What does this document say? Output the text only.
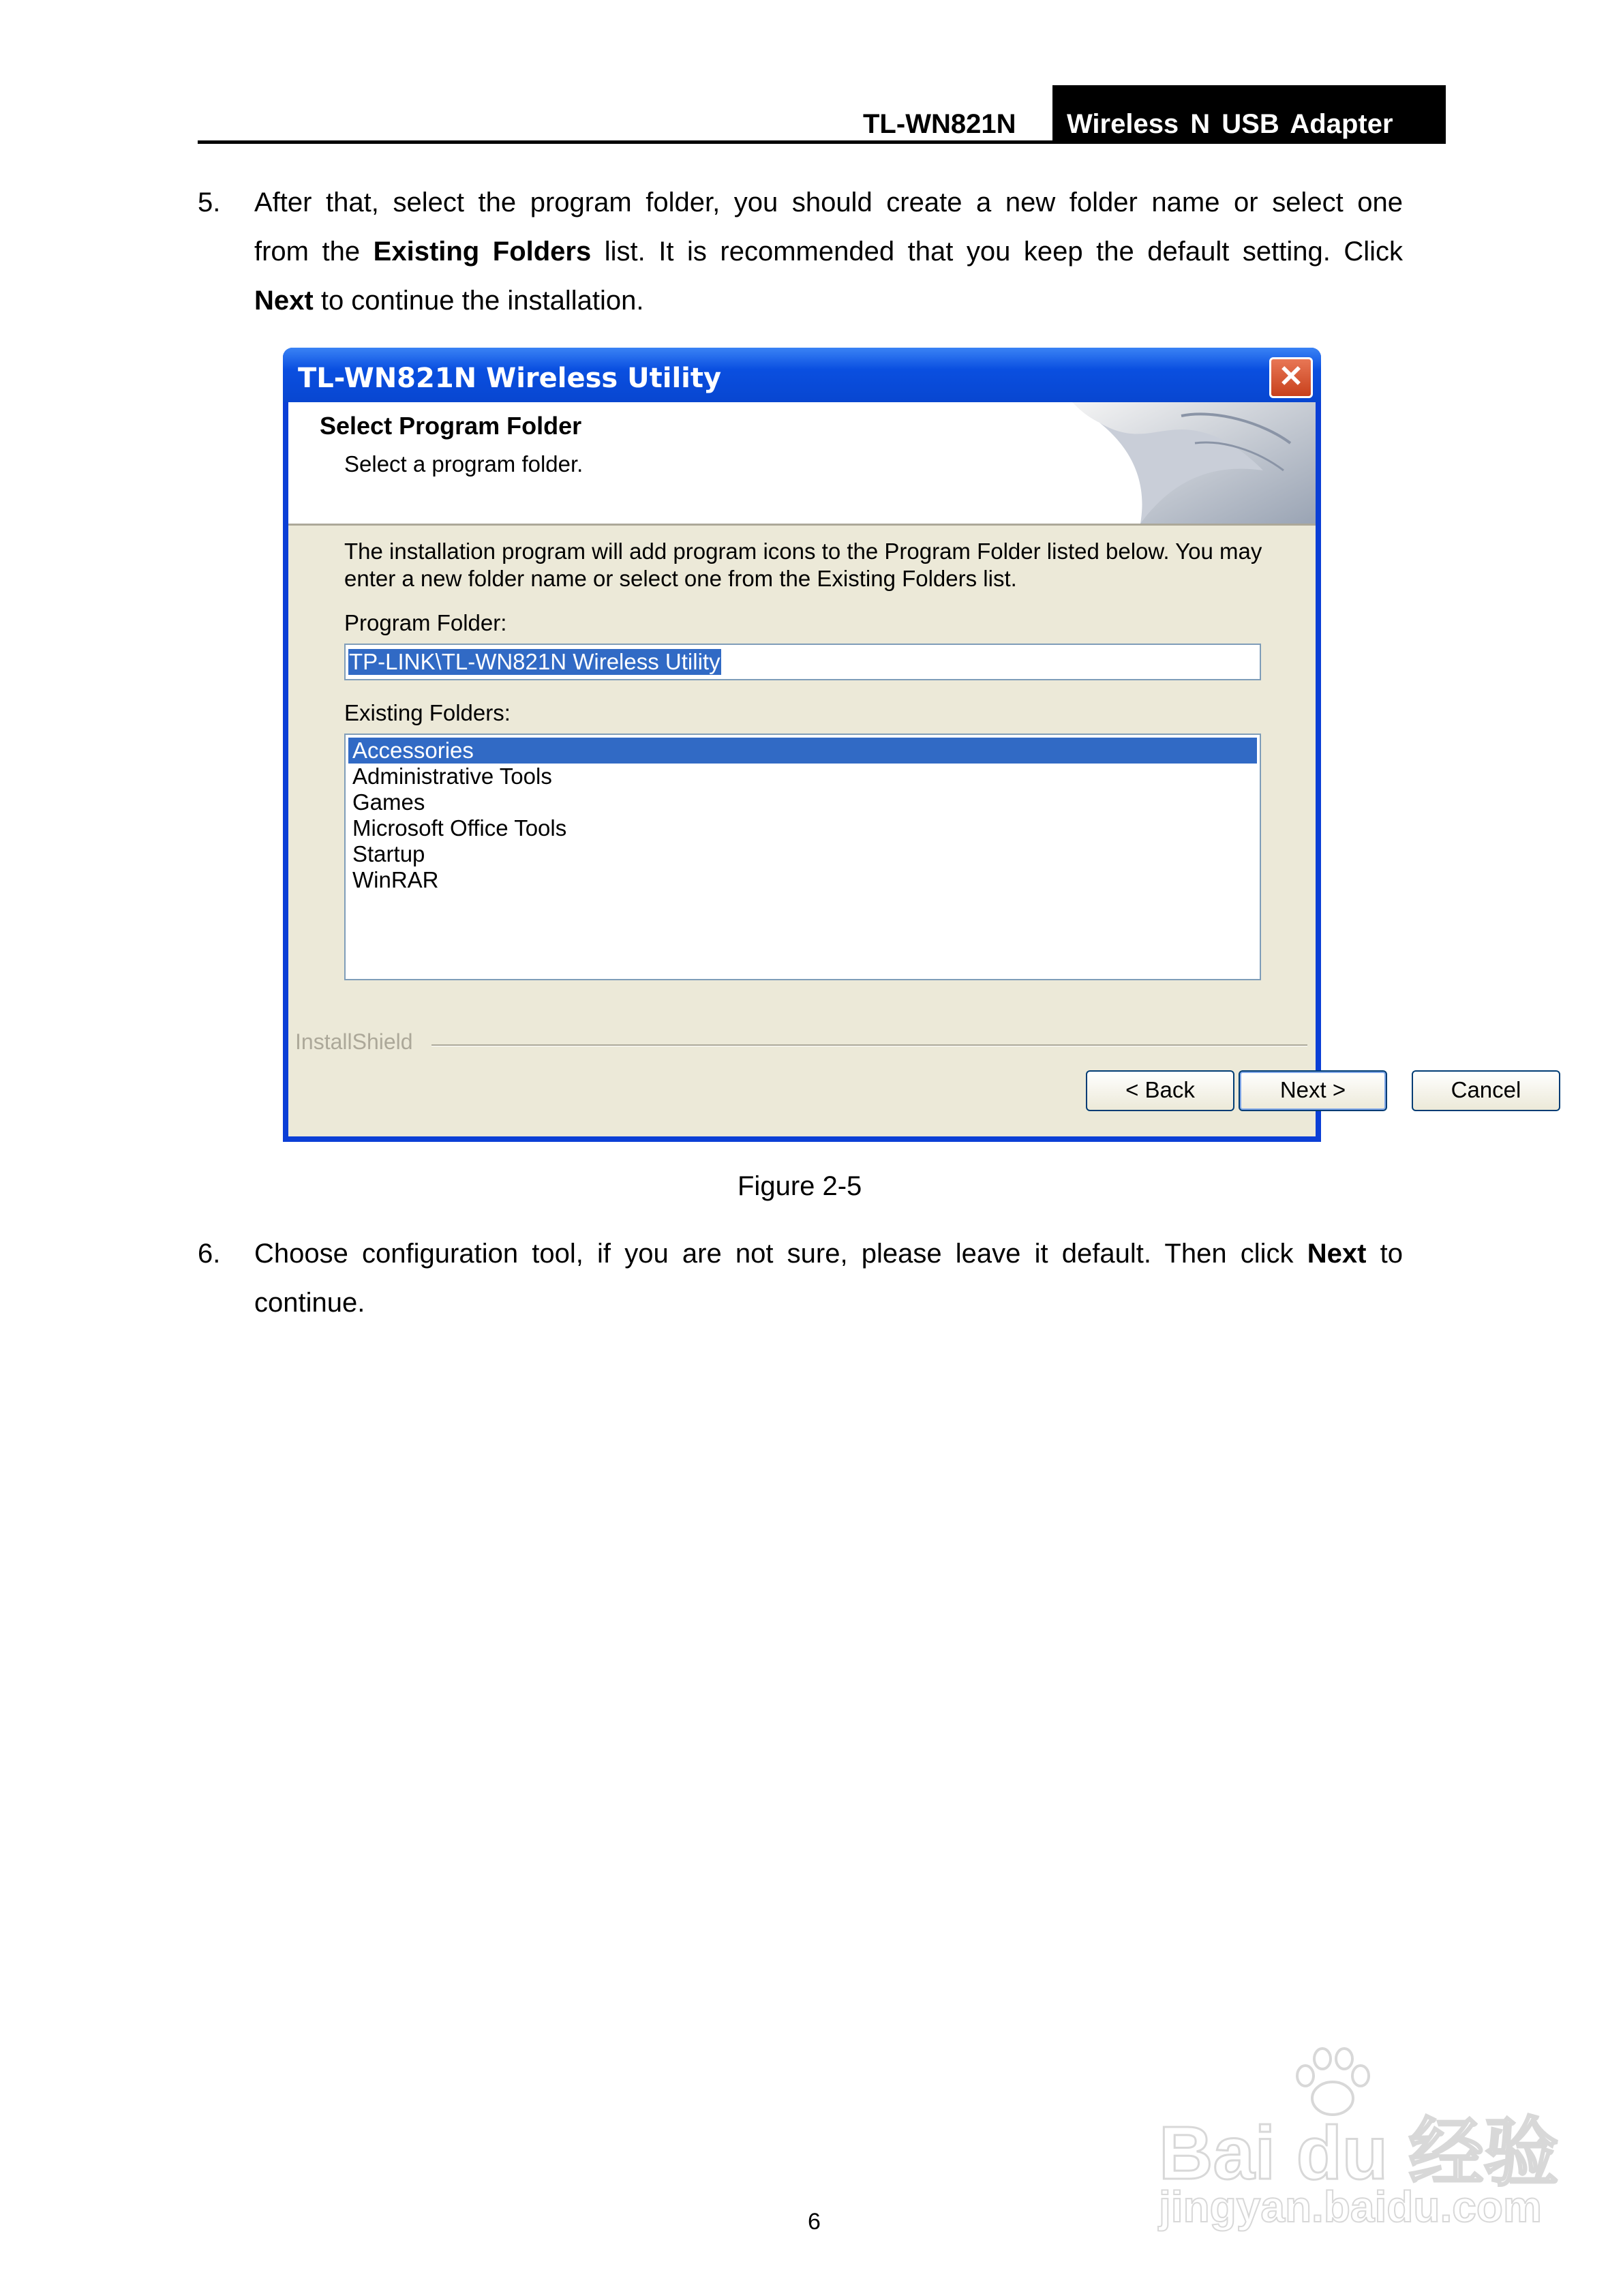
TL-WN821N Wireless N USB Adapter
5. After that, select the program folder, you should create a new folder name or select one
from the Existing Folders list. It is recommended that you keep the default setting. Click
Next to continue the installation.
TL-WN821N Wireless Utility	✕
Select Program Folder
Select a program folder.
The installation program will add program icons to the Program Folder listed below. You may
enter a new folder name or select one from the Existing Folders list.
Program Folder:
TP-LINK\TL-WN821N Wireless Utility
Existing Folders:
Accessories
Administrative Tools
Games
Microsoft Office Tools
Startup
WinRAR
InstallShield
< Back	Next >	Cancel
Figure 2-5
6. Choose configuration tool, if you are not sure, please leave it default. Then click Next to
continue.
6
Bai du 经验
jingyan.baidu.com
